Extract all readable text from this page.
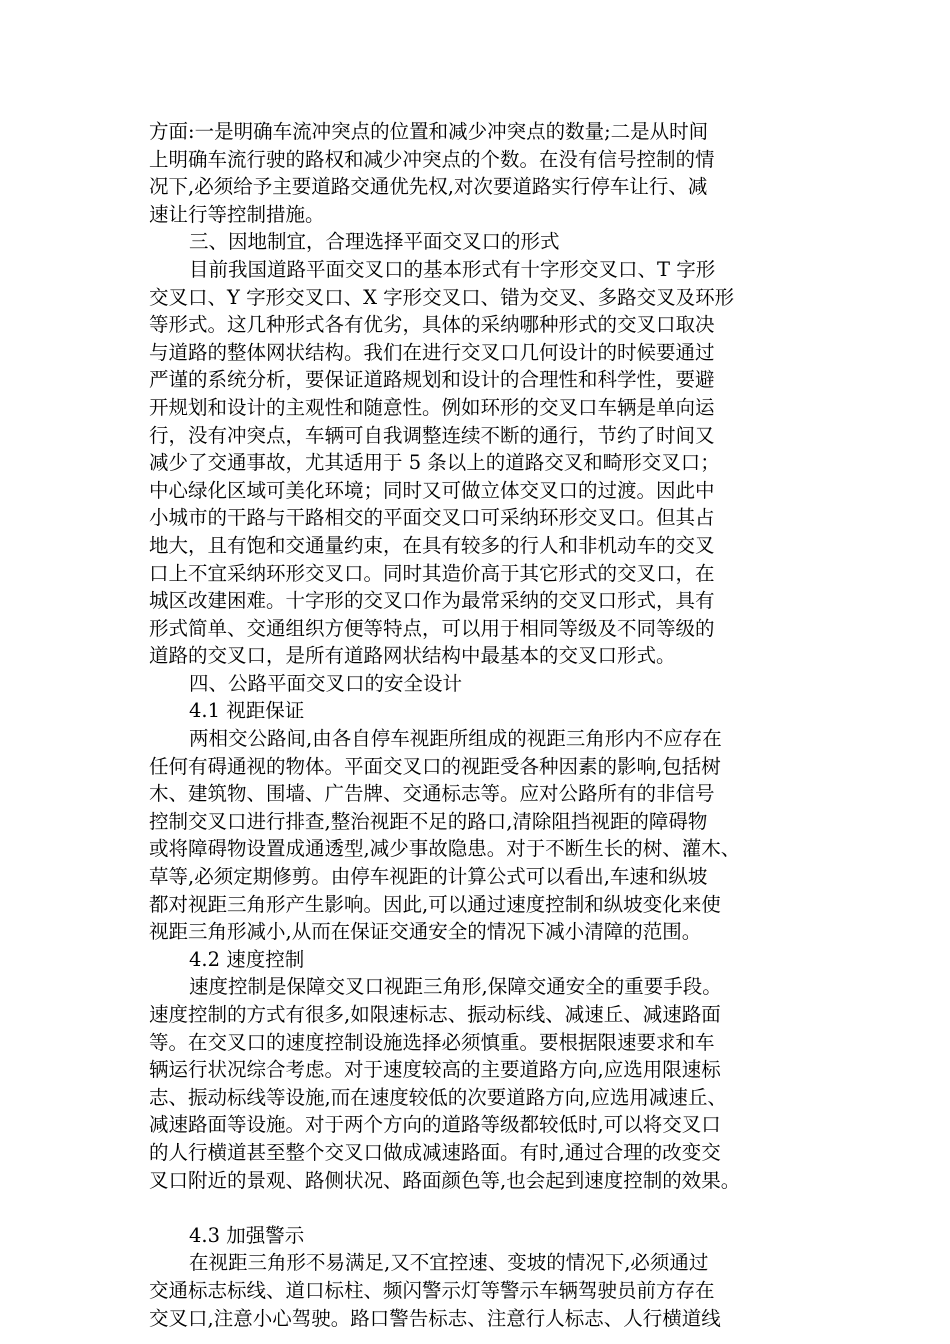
方面:一是明确车流冲突点的位置和减少冲突点的数量;二是从时间
上明确车流行驶的路权和减少冲突点的个数。在没有信号控制的情
况下,必须给予主要道路交通优先权,对次要道路实行停车让行、减
速让行等控制措施。
三、因地制宜，合理选择平面交叉口的形式
目前我国道路平面交叉口的基本形式有十字形交叉口、T 字形
交叉口、Y 字形交叉口、X 字形交叉口、错为交叉、多路交叉及环形
等形式。这几种形式各有优劣，具体的采纳哪种形式的交叉口取决
与道路的整体网状结构。我们在进行交叉口几何设计的时候要通过
严谨的系统分析，要保证道路规划和设计的合理性和科学性，要避
开规划和设计的主观性和随意性。例如环形的交叉口车辆是单向运
行，没有冲突点，车辆可自我调整连续不断的通行，节约了时间又
减少了交通事故，尤其适用于 5 条以上的道路交叉和畸形交叉口；
中心绿化区域可美化环境；同时又可做立体交叉口的过渡。因此中
小城市的干路与干路相交的平面交叉口可采纳环形交叉口。但其占
地大，且有饱和交通量约束，在具有较多的行人和非机动车的交叉
口上不宜采纳环形交叉口。同时其造价高于其它形式的交叉口，在
城区改建困难。十字形的交叉口作为最常采纳的交叉口形式，具有
形式简单、交通组织方便等特点，可以用于相同等级及不同等级的
道路的交叉口，是所有道路网状结构中最基本的交叉口形式。
四、公路平面交叉口的安全设计
4.1 视距保证
两相交公路间,由各自停车视距所组成的视距三角形内不应存在
任何有碍通视的物体。平面交叉口的视距受各种因素的影响,包括树
木、建筑物、围墙、广告牌、交通标志等。应对公路所有的非信号
控制交叉口进行排查,整治视距不足的路口,清除阻挡视距的障碍物
或将障碍物设置成通透型,减少事故隐患。对于不断生长的树、灌木、
草等,必须定期修剪。由停车视距的计算公式可以看出,车速和纵坡
都对视距三角形产生影响。因此,可以通过速度控制和纵坡变化来使
视距三角形减小,从而在保证交通安全的情况下减小清障的范围。
4.2 速度控制
速度控制是保障交叉口视距三角形,保障交通安全的重要手段。
速度控制的方式有很多,如限速标志、振动标线、减速丘、减速路面
等。在交叉口的速度控制设施选择必须慎重。要根据限速要求和车
辆运行状况综合考虑。对于速度较高的主要道路方向,应选用限速标
志、振动标线等设施,而在速度较低的次要道路方向,应选用减速丘、
减速路面等设施。对于两个方向的道路等级都较低时,可以将交叉口
的人行横道甚至整个交叉口做成减速路面。有时,通过合理的改变交
叉口附近的景观、路侧状况、路面颜色等,也会起到速度控制的效果。
4.3 加强警示
在视距三角形不易满足,又不宜控速、变坡的情况下,必须通过
交通标志标线、道口标柱、频闪警示灯等警示车辆驾驶员前方存在
交叉口,注意小心驾驶。路口警告标志、注意行人标志、人行横道线
